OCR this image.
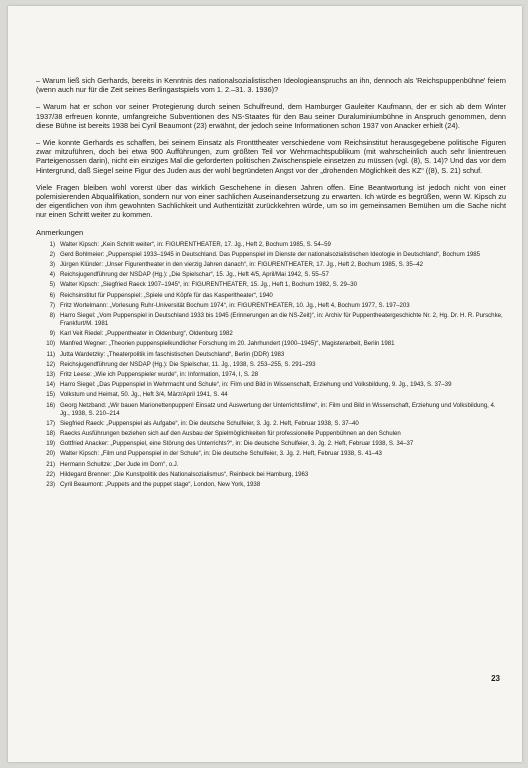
– Warum ließ sich Gerhards, bereits in Kenntnis des nationalsozialistischen Ideologieanspruchs an ihn, dennoch als 'Reichspuppenbühne' feiern (wenn auch nur für die Zeit seines Berlingastspiels vom 1. 2.–31. 3. 1936)?

– Warum hat er schon vor seiner Protegierung durch seinen Schulfreund, dem Hamburger Gauleiter Kaufmann, der er sich ab dem Winter 1937/38 erfreuen konnte, umfangreiche Subventionen des NS-Staates für den Bau seiner Duraluminiumbühne in Anspruch genommen, denn diese Bühne ist bereits 1938 bei Cyril Beaumont (23) erwähnt, der jedoch seine Informationen schon 1937 von Anacker erhielt (24).

– Wie konnte Gerhards es schaffen, bei seinem Einsatz als Frontttheater verschiedene vom Reichsinstitut herausgegebene politische Figuren zwar mitzuführen, doch bei etwa 900 Aufführungen, zum größten Teil vor Wehrmachtspublikum (mit wahrscheinlich auch sehr linientreuen Parteigenossen darin), nicht ein einziges Mal die geforderten politischen Zwischenspiele einsetzen zu müssen (vgl. (8), S. 14)? Und das vor dem Hintergrund, daß Siegel seine Figur des Juden aus der wohl begründeten Angst vor der „drohenden Möglichkeit des KZ“ ((8), S. 21) schuf.

Viele Fragen bleiben wohl vorerst über das wirklich Geschehene in diesen Jahren offen. Eine Beantwortung ist jedoch nicht von einer polemisierenden Abqualifikation, sondern nur von einer sachlichen Auseinandersetzung zu erwarten. Ich würde es begrüßen, wenn W. Kipsch zu der eigentlichen von ihm gewohnten Sachlichkeit und Authentizität zurückkehren würde, um so im gemeinsamen Bemühen um die Sache nicht nur einen Schritt weiter zu kommen.

Anmerkungen
1) Walter Kipsch: „Kein Schritt weiter“, in: FIGURENTHEATER, 17. Jg., Heft 2, Bochum 1985, S. 54–59
2) Gerd Bohlmeier: „Puppenspiel 1933–1945 in Deutschland. Das Puppenspiel im Dienste der nationalsozialistischen Ideologie in Deutschland“, Bochum 1985
3) Jürgen Klünder: „Unser Figurentheater in den vierzig Jahren danach“, in: FIGURENTHEATER, 17. Jg., Heft 2, Bochum 1985, S. 35–42
4) Reichsjugendführung der NSDAP (Hg.): „Die Spielschar“, 15. Jg., Heft 4/5, April/Mai 1942, S. 55–57
5) Walter Kipsch: „Siegfried Raeck 1907–1945“, in: FIGURENTHEATER, 15. Jg., Heft 1, Bochum 1982, S. 29–30
6) Reichsinstitut für Puppenspiel: „Spiele und Köpfe für das Kasperltheater“, 1940
7) Fritz Wortelmann: „Vorlesung Ruhr-Universität Bochum 1974“, in: FIGURENTHEATER, 10. Jg., Heft 4, Bochum 1977, S. 197–203
8) Harro Siegel: „Vom Puppenspiel in Deutschland 1933 bis 1945 (Erinnerungen an die NS-Zeit)“, in: Archiv für Puppentheatergeschichte Nr. 2, Hg. Dr. H. R. Purschke, Frankfurt/M. 1981
9) Karl Veit Riedel: „Puppentheater in Oldenburg“, Oldenburg 1982
10) Manfred Wegner: „Theorien puppenspielkundlicher Forschung im 20. Jahrhundert (1900–1945)“, Magisterarbeit, Berlin 1981
11) Jutta Wardetzky: „Theaterpolitik im faschistischen Deutschland“, Berlin (DDR) 1983
12) Reichsjugendführung der NSDAP (Hg.): Die Spielschar, 11. Jg., 1938, S. 253–255, S. 291–293
13) Fritz Leese: „Wie ich Puppenspieler wurde“, in: Information, 1974, I, S. 28
14) Harro Siegel: „Das Puppenspiel in Wehrmacht und Schule“, in: Film und Bild in Wissenschaft, Erziehung und Volksbildung, 9. Jg., 1943, S. 37–39
15) Volkstum und Heimat, 50. Jg., Heft 3/4, März/April 1941, S. 44
16) Georg Netzband: „Wir bauen Marionettenpuppen! Einsatz und Auswertung der Unterrichtsfilme“, in: Film und Bild in Wissenschaft, Erziehung und Volksbildung, 4. Jg., 1938, S. 210–214
17) Siegfried Raeck: „Puppenspiel als Aufgabe“, in: Die deutsche Schulfeier, 3. Jg. 2. Heft, Februar 1938, S. 37–40
18) Raecks Ausführungen beziehen sich auf den Ausbau der Spielmöglichkeiten für professionelle Puppenbühnen an den Schulen
19) Gottfried Anacker: „Puppenspiel, eine Störung des Unterrichts?“, in: Die deutsche Schulfeier, 3. Jg. 2. Heft, Februar 1938, S. 34–37
20) Walter Kipsch: „Film und Puppenspiel in der Schule“, in: Die deutsche Schulfeier, 3. Jg. 2. Heft, Februar 1938, S. 41–43
21) Hermann Schultze: „Der Jude im Dorn“, o.J.
22) Hildegard Brenner: „Die Kunstpolitik des Nationalsozialismus“, Reinbeck bei Hamburg, 1963
23) Cyril Beaumont: „Puppets and the puppet stage“, London, New York, 1938
23
